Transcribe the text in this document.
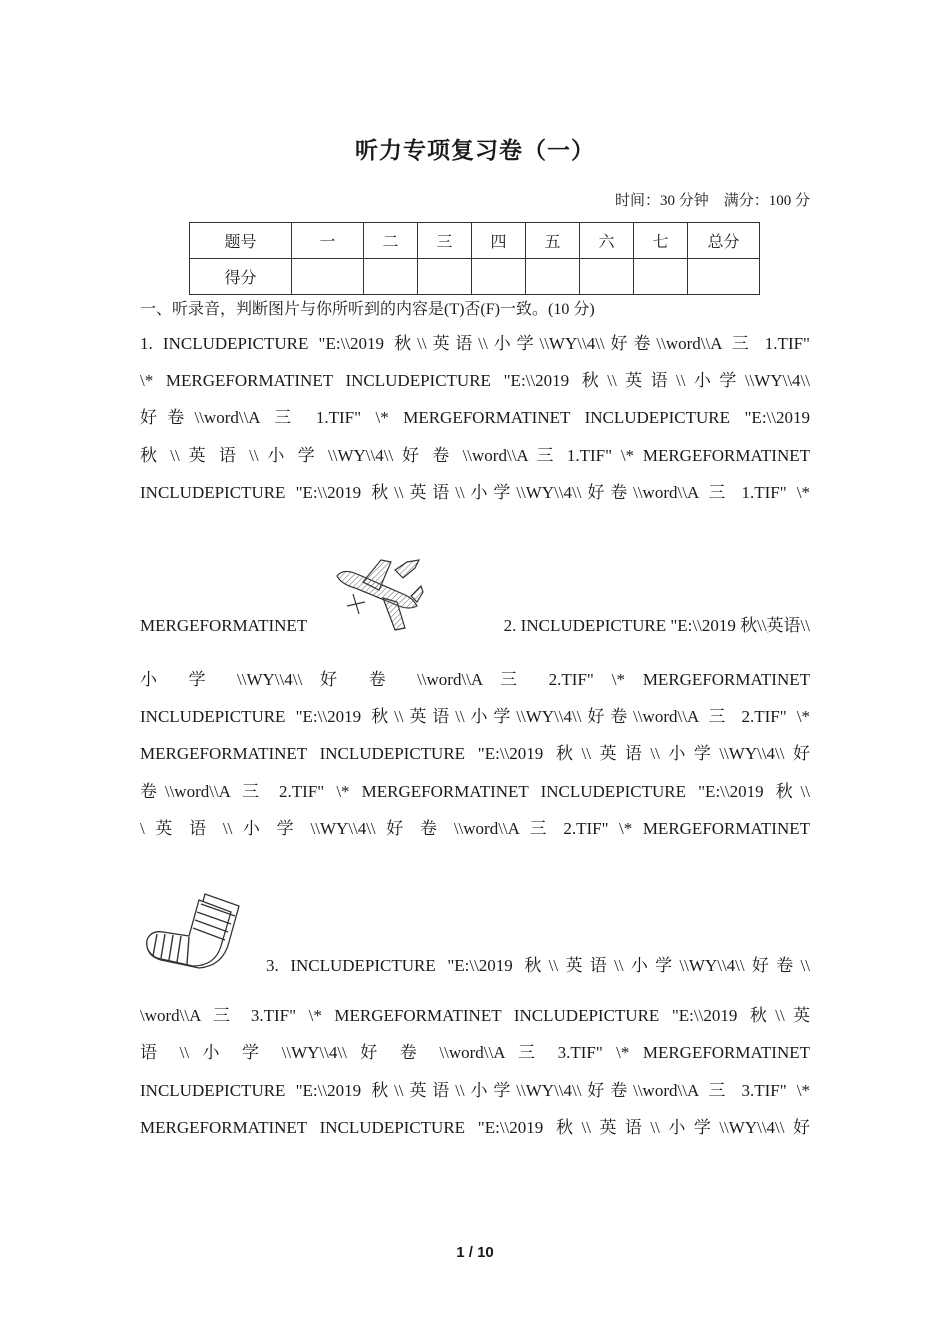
听力专项复习卷（一）
时间：30 分钟    满分：100 分
题号	一	二	三	四	五	六	七	总分
得分								
一、听录音，判断图片与你所听到的内容是(T)否(F)一致。(10 分)
1. INCLUDEPICTURE "E:\\2019 秋\\英语\\小学\\WY\\4\\好卷\\word\\A 三 1.TIF"
\* MERGEFORMATINET INCLUDEPICTURE "E:\\2019 秋\\英语\\小学\\WY\\4\\
好卷\\word\\A 三 1.TIF" \* MERGEFORMATINET INCLUDEPICTURE "E:\\2019
秋 \\ 英 语 \\ 小 学 \\WY\\4\\ 好 卷 \\word\\A 三 1.TIF" \* MERGEFORMATINET
INCLUDEPICTURE "E:\\2019 秋\\英语\\小学\\WY\\4\\好卷\\word\\A 三 1.TIF" \*
MERGEFORMATINET	2. INCLUDEPICTURE "E:\\2019 秋\\英语\\
小 学 \\WY\\4\\ 好 卷 \\word\\A 三 2.TIF" \* MERGEFORMATINET
INCLUDEPICTURE "E:\\2019 秋\\英语\\小学\\WY\\4\\好卷\\word\\A 三 2.TIF" \*
MERGEFORMATINET INCLUDEPICTURE "E:\\2019 秋\\英语\\小学\\WY\\4\\好
卷\\word\\A 三 2.TIF" \* MERGEFORMATINET INCLUDEPICTURE "E:\\2019 秋\\
\ 英 语 \\ 小 学 \\WY\\4\\ 好 卷 \\word\\A 三 2.TIF" \* MERGEFORMATINET
3. INCLUDEPICTURE "E:\\2019 秋\\英语\\小学\\WY\\4\\好卷\\
\word\\A 三 3.TIF" \* MERGEFORMATINET INCLUDEPICTURE "E:\\2019 秋\\英
语 \\ 小 学 \\WY\\4\\ 好 卷 \\word\\A 三 3.TIF" \* MERGEFORMATINET
INCLUDEPICTURE "E:\\2019 秋\\英语\\小学\\WY\\4\\好卷\\word\\A 三 3.TIF" \*
MERGEFORMATINET INCLUDEPICTURE "E:\\2019 秋\\英语\\小学\\WY\\4\\好
1 / 10
